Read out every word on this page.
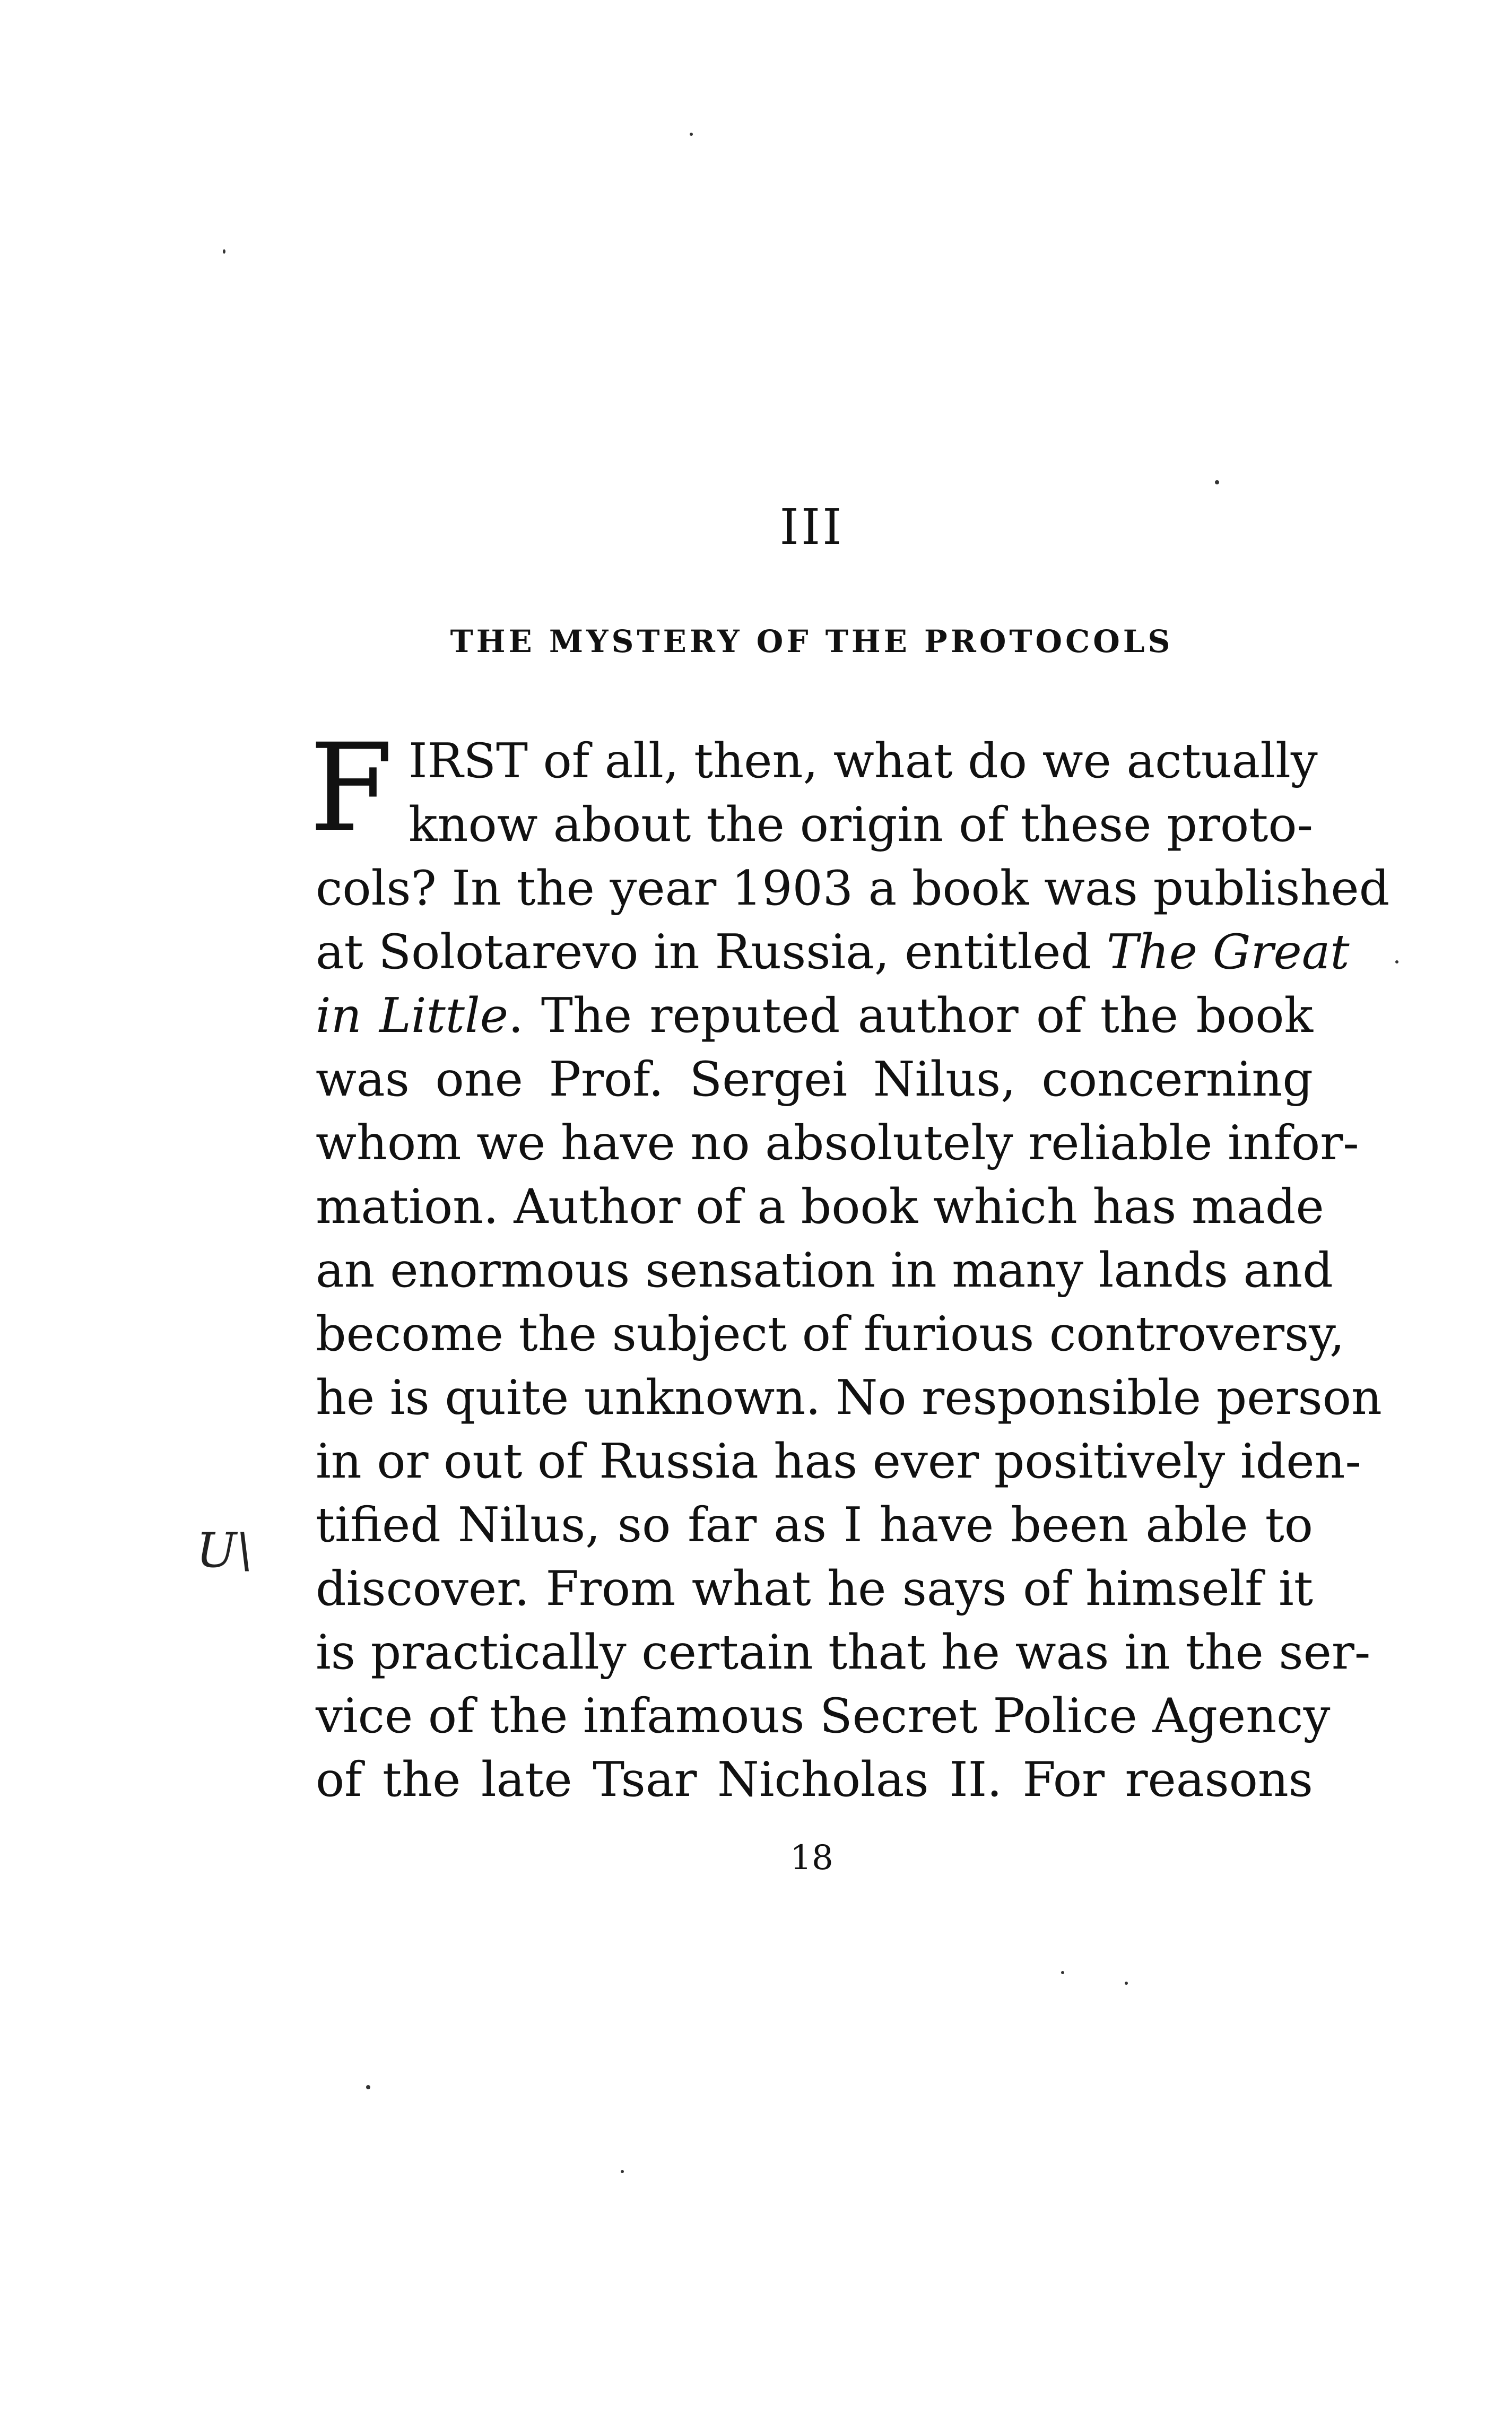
III
THE MYSTERY OF THE PROTOCOLS
U\
F IRST of all, then, what do we actually
know about the origin of these proto-
cols? In the year 1903 a book was published
at Solotarevo in Russia, entitled The Great
in Little. The reputed author of the book
was one Prof. Sergei Nilus, concerning
whom we have no absolutely reliable infor-
mation. Author of a book which has made
an enormous sensation in many lands and
become the subject of furious controversy,
he is quite unknown. No responsible person
in or out of Russia has ever positively iden-
tified Nilus, so far as I have been able to
discover. From what he says of himself it
is practically certain that he was in the ser-
vice of the infamous Secret Police Agency
of the late Tsar Nicholas II. For reasons
18
